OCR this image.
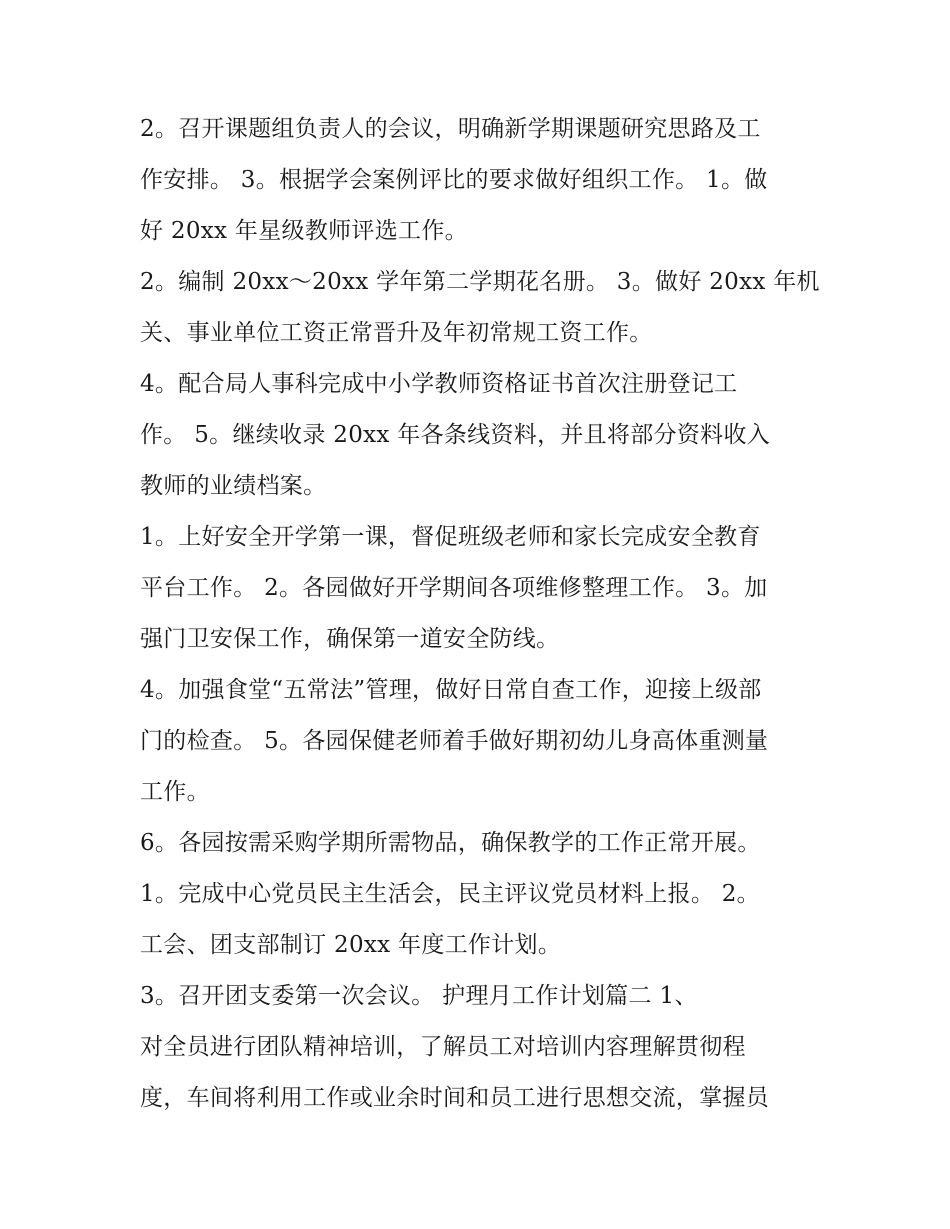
2。召开课题组负责人的会议，明确新学期课题研究思路及工
作安排。 3。根据学会案例评比的要求做好组织工作。 1。做
好 20xx 年星级教师评选工作。
2。编制 20xx～20xx 学年第二学期花名册。 3。做好 20xx 年机
关、事业单位工资正常晋升及年初常规工资工作。
4。配合局人事科完成中小学教师资格证书首次注册登记工
作。 5。继续收录 20xx 年各条线资料，并且将部分资料收入
教师的业绩档案。
1。上好安全开学第一课，督促班级老师和家长完成安全教育
平台工作。 2。各园做好开学期间各项维修整理工作。 3。加
强门卫安保工作，确保第一道安全防线。
4。加强食堂“五常法”管理，做好日常自查工作，迎接上级部
门的检查。 5。各园保健老师着手做好期初幼儿身高体重测量
工作。
6。各园按需采购学期所需物品，确保教学的工作正常开展。
1。完成中心党员民主生活会，民主评议党员材料上报。 2。
工会、团支部制订 20xx 年度工作计划。
3。召开团支委第一次会议。 护理月工作计划篇二 1、
对全员进行团队精神培训，了解员工对培训内容理解贯彻程
度，车间将利用工作或业余时间和员工进行思想交流，掌握员
